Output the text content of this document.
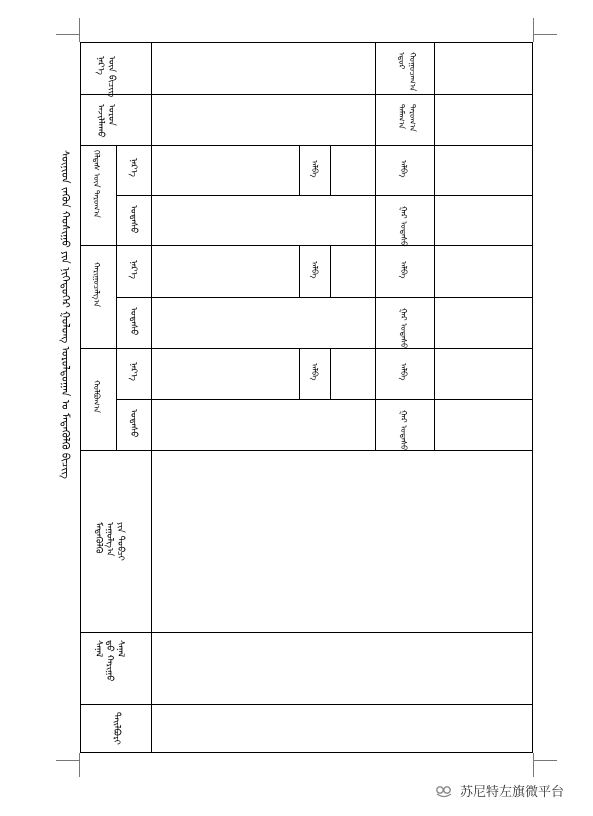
ᠰᠦᠨᠢᠳ ᠵᠡᠭᠦᠨ ᠬᠣᠰᠢᠭᠤ ᠶᠢᠨ ᠨᠢᠭᠡᠳᠦᠭᠡᠷ ᠭᠤᠯᠤᠩ ᠤᠷᠤᠯᠳᠤᠭᠠᠨ ᠤ ᠮᠡᠳᠡᠭᠦᠯᠬᠦ ᠪᠢᠴᠢᠭ
ᠨᠡᠷ᠎ᠡ
ᠦᠨ ᠪᠢᠴᠢᠭ
ᠠᠵᠢᠯᠯᠠᠬᠤ
ᠣᠷᠤᠨ
ᠬᠡᠯᠲᠡᠰ ᠦᠨ ᠳᠠᠷᠤᠭ᠎ᠠ
ᠬᠠᠷᠢᠭᠤᠴᠠᠯᠭ᠎ᠠ
ᠬᠣᠯᠪᠣᠭ᠎ᠠ
ᠨᠡᠷ᠎ᠡ
ᠤᠲᠠᠰᠤ
ᠨᠡᠷ᠎ᠡ
ᠤᠲᠠᠰᠤ
ᠨᠡᠷ᠎ᠡ
ᠤᠲᠠᠰᠤ
ᠮᠡᠳᠡᠭᠦᠯᠬᠦ
ᠠᠭᠤᠯᠭ᠎ᠠ
ᠶᠢᠨ ᠲᠣᠪᠴᠢ
ᠰᠠᠨᠠᠯ
ᠳ᠋ᠤ ᠬᠠᠷᠢᠭᠤ
ᠰᠠᠨᠠᠯ
ᠲᠠᠢᠯᠪᠤᠷᠢ
ᠠᠯᠪᠠ
ᠠᠯᠪᠠ
ᠠᠯᠪᠠ
ᠡᠳᠦᠷ
ᠬᠤᠭᠤᠴᠠᠭ᠎ᠠ
ᠲᠠᠮᠠᠭ᠎ᠠ
ᠳᠠᠷᠤᠭ᠎ᠠ
ᠠᠯᠪᠠ
ᠭᠠᠷ ᠤᠲᠠᠰᠤ
ᠠᠯᠪᠠ
ᠭᠠᠷ ᠤᠲᠠᠰᠤ
ᠠᠯᠪᠠ
ᠭᠠᠷ ᠤᠲᠠᠰᠤ
苏尼特左旗微平台
